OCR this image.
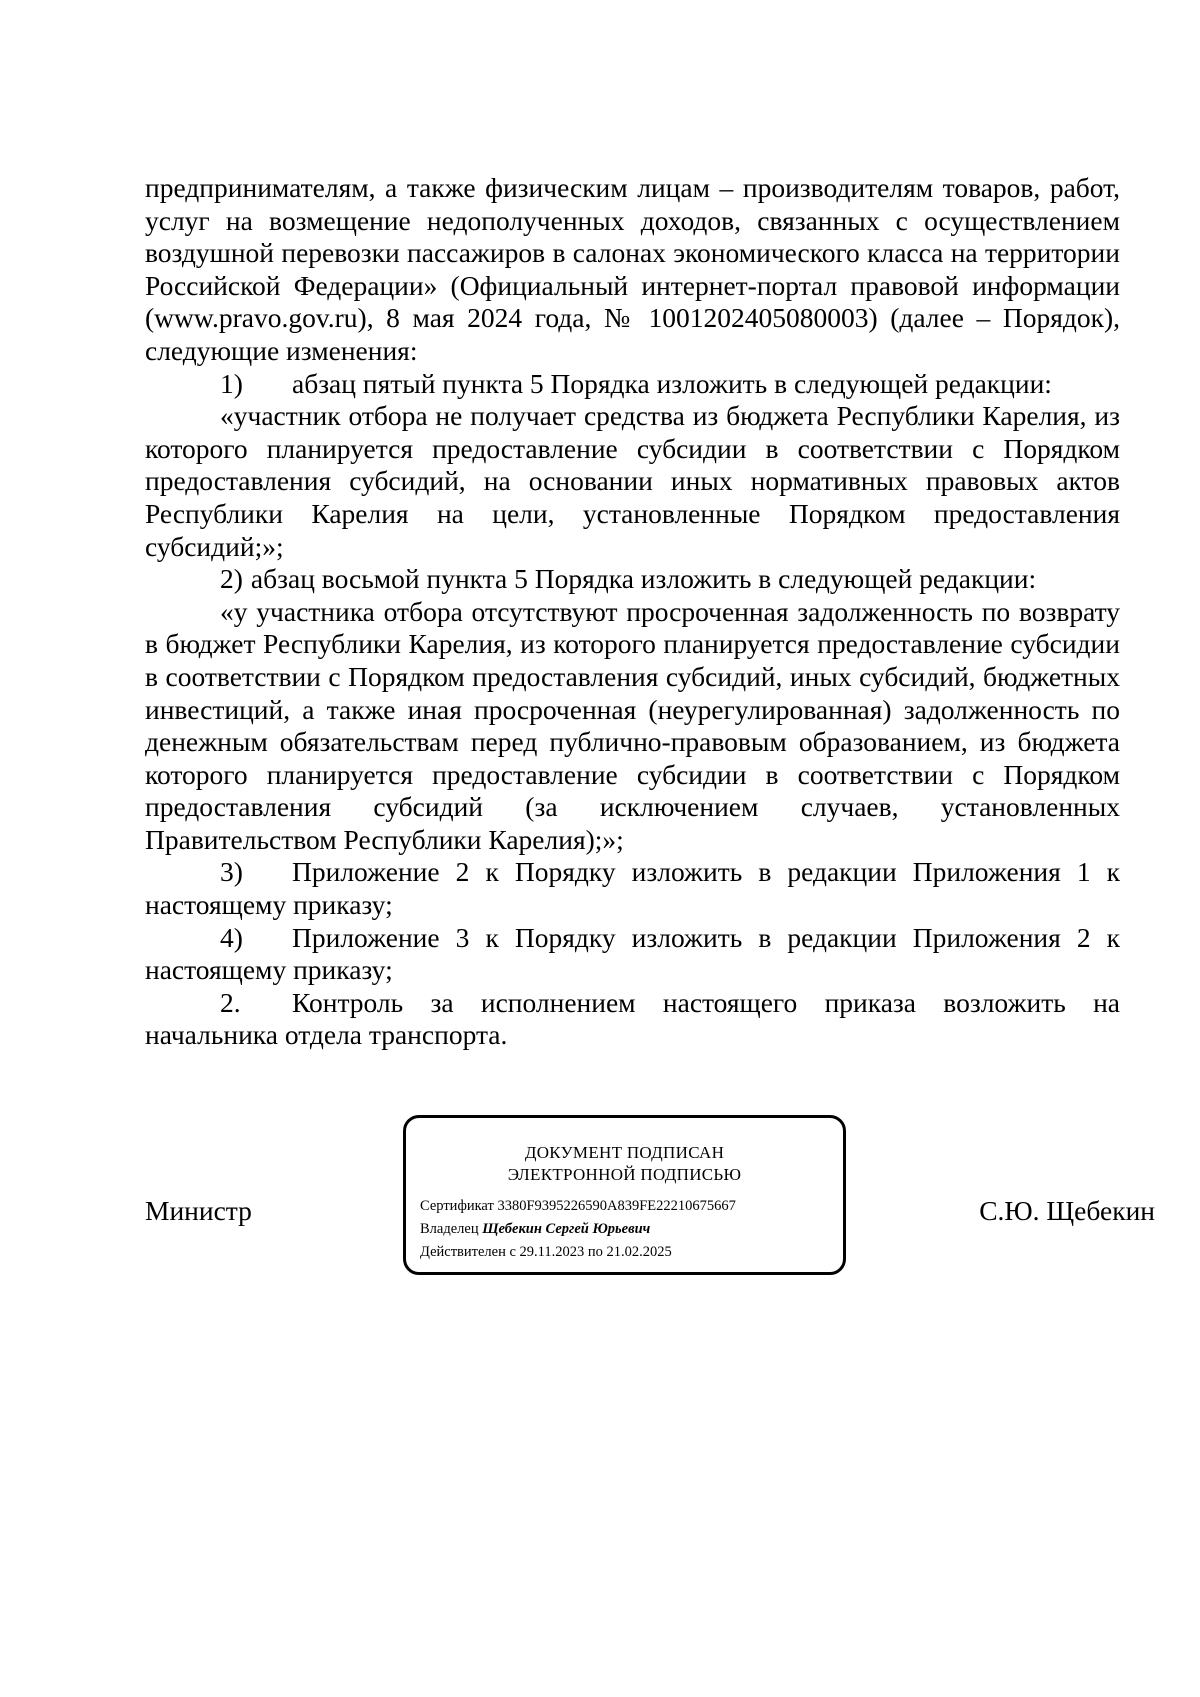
предпринимателям, а также физическим лицам – производителям товаров, работ, услуг на возмещение недополученных доходов, связанных с осуществлением воздушной перевозки пассажиров в салонах экономического класса на территории Российской Федерации» (Официальный интернет-портал правовой информации (www.pravo.gov.ru), 8 мая 2024 года, № 1001202405080003) (далее – Порядок), следующие изменения:

1) абзац пятый пункта 5 Порядка изложить в следующей редакции:

«участник отбора не получает средства из бюджета Республики Карелия, из которого планируется предоставление субсидии в соответствии с Порядком предоставления субсидий, на основании иных нормативных правовых актов Республики Карелия на цели, установленные Порядком предоставления субсидий;»;

2) абзац восьмой пункта 5 Порядка изложить в следующей редакции:

«у участника отбора отсутствуют просроченная задолженность по возврату в бюджет Республики Карелия, из которого планируется предоставление субсидии в соответствии с Порядком предоставления субсидий, иных субсидий, бюджетных инвестиций, а также иная просроченная (неурегулированная) задолженность по денежным обязательствам перед публично-правовым образованием, из бюджета которого планируется предоставление субсидии в соответствии с Порядком предоставления субсидий (за исключением случаев, установленных Правительством Республики Карелия);»;

3) Приложение 2 к Порядку изложить в редакции Приложения 1 к настоящему приказу;

4) Приложение 3 к Порядку изложить в редакции Приложения 2 к настоящему приказу;

2. Контроль за исполнением настоящего приказа возложить на начальника отдела транспорта.

Министр
ДОКУМЕНТ ПОДПИСАН
ЭЛЕКТРОННОЙ ПОДПИСЬЮ
Сертификат 3380F9395226590A839FE22210675667
Владелец Щебекин Сергей Юрьевич
Действителен с 29.11.2023 по 21.02.2025
С.Ю. Щебекин
